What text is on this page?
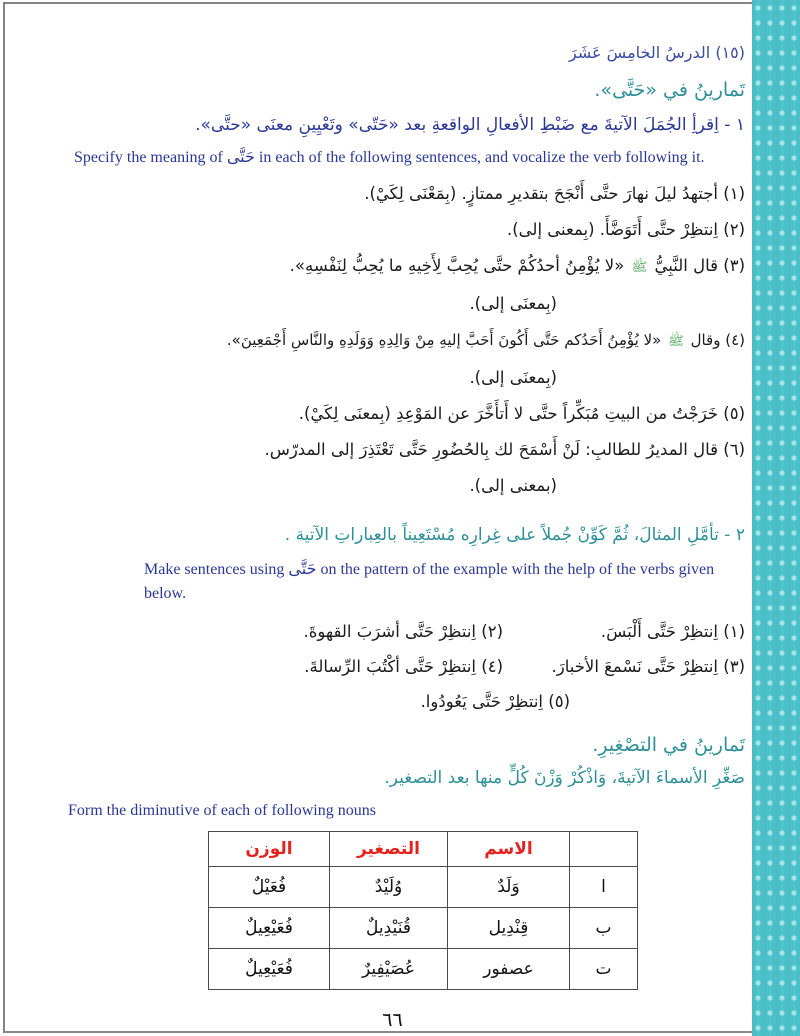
(١٥) الدرسُ الخامِسَ عَشَرَ
تَمارينُ في «حَتَّى».
١ - اِقرأِ الجُمَلَ الآتيةَ مع ضَبْطِ الأفعالِ الواقعةِ بعد «حَتّى» وتَعْيِينِ معنَى «حتَّى».
Specify the meaning of حَتَّى in each of the following sentences, and vocalize the verb following it.
(١) أجتهدُ ليلَ نهارَ حتَّى أَنْجَحَ بتقديرِ ممتازٍ. (بِمَعْنَى لِكَيْ).
(٢) اِنتظِرْ حتَّى أَتَوَضَّأَ. (بِمعنى إلى).
(٣) قال النَّبِيُّ ﷺ «لا يُؤْمِنُ أحدُكُمْ حتَّى يُحِبَّ لِأَخِيهِ ما يُحِبُّ لِنَفْسِهِ».
(بِمعنَى إلى).
(٤) وقال ﷺ «لا يُؤْمِنُ أَحَدُكم حَتَّى أَكُونَ أَحَبَّ إليهِ مِنْ وَالِدِهِ وَوَلَدِهِ والنَّاسِ أَجْمَعِينَ».
(بِمعنَى إلى).
(٥) خَرَجْتُ من البيتِ مُبَكِّراً حتَّى لا أَتأَخَّرَ عن المَوْعِدِ (بِمعنَى لِكَيْ).
(٦) قال المديرُ للطالبِ: لَنْ أَسْمَحَ لك بِالحُضُورِ حَتَّى تَعْتَذِرَ إلى المدرّس.
(بمعنى إلى).
٢ - تأمَّلِ المثالَ، ثُمَّ كَوِّنْ جُملاً على غِرارِه مُسْتَعِيناً بالعِباراتِ الآتية .
Make sentences using حَتَّى on the pattern of the example with the help of the verbs given below.
(١) اِنتظِرْ حَتَّى أَلْبَسَ.
(٢) اِنتظِرْ حَتَّى أشرَبَ القهوةَ.
(٣) اِنتظِرْ حَتَّى نَسْمعَ الأخبارَ.
(٤) اِنتظِرْ حَتَّى أكْتُبَ الرِّسالةَ.
(٥) اِنتظِرْ حَتَّى يَعُودُوا.
تَمارينُ في التصْغِيرِ.
صَغِّرِ الأسماءَ الآتيةَ، وَاذْكُرْ وَزْنَ كُلٍّ منها بعد التصغير.
Form the diminutive of each of following nouns
	الاسم	التصغير	الوزن
ا	وَلَدٌ	وُلَيْدٌ	فُعَيْلٌ
ب	قِنْدِيل	قُنَيْدِيلٌ	فُعَيْعِيلٌ
ت	عصفور	عُصَيْفِيرٌ	فُعَيْعِيلٌ
٦٦
